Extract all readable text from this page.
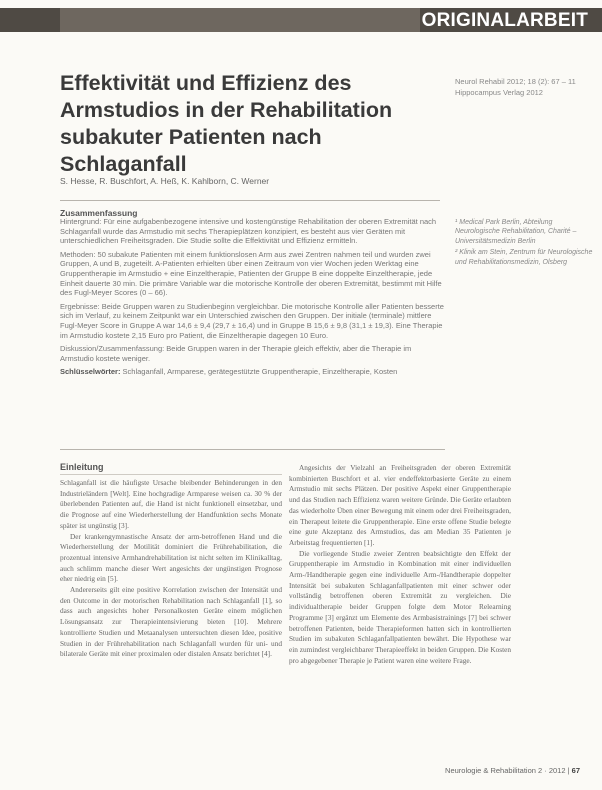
ORIGINALARBEIT
Effektivität und Effizienz des Armstudios in der Rehabilitation subakuter Patienten nach Schlaganfall
Neurol Rehabil 2012; 18 (2): 67 – 11 Hippocampus Verlag 2012
S. Hesse, R. Buschfort, A. Heß, K. Kahlborn, C. Werner
Zusammenfassung

Hintergrund: Für eine aufgabenbezogene intensive und kostengünstige Rehabilitation der oberen Extremität nach Schlaganfall wurde das Armstudio mit sechs Therapieplätzen konzipiert, es besteht aus vier Geräten mit unterschiedlichen Freiheitsgraden. Die Studie sollte die Effektivität und Effizienz ermitteln.

Methoden: 50 subakute Patienten mit einem funktionslosen Arm aus zwei Zentren nahmen teil und wurden zwei Gruppen, A und B, zugeteilt. A-Patienten erhielten über einen Zeitraum von vier Wochen jeden Werktag eine Gruppentherapie im Armstudio + eine Einzeltherapie, Patienten der Gruppe B eine doppelte Einzeltherapie, jede Einheit dauerte 30 min. Die primäre Variable war die motorische Kontrolle der oberen Extremität, bestimmt mit Hilfe des Fugl-Meyer Scores (0 – 66).

Ergebnisse: Beide Gruppen waren zu Studienbeginn vergleichbar. Die motorische Kontrolle aller Patienten besserte sich im Verlauf, zu keinem Zeitpunkt war ein Unterschied zwischen den Gruppen. Der initiale (terminale) mittlere Fugl-Meyer Score in Gruppe A war 14,6 ± 9,4 (29,7 ± 16,4) und in Gruppe B 15,6 ± 9,8 (31,1 ± 19,3). Eine Therapie im Armstudio kostete 2,15 Euro pro Patient, die Einzeltherapie dagegen 10 Euro.

Diskussion/Zusammenfassung: Beide Gruppen waren in der Therapie gleich effektiv, aber die Therapie im Armstudio kostete weniger.

Schlüsselwörter: Schlaganfall, Armparese, gerätegestützte Gruppentherapie, Einzeltherapie, Kosten

¹ Medical Park Berlin, Abteilung Neurologische Rehabilitation, Charité – Universitätsmedizin Berlin

² Klinik am Stein, Zentrum für Neurologische und Rehabilitationsmedizin, Olsberg

Einleitung

Schlaganfall ist die häufigste Ursache bleibender Behinderungen in den Industrieländern [Welt]. Eine hochgradige Armparese weisen ca. 30 % der überlebenden Patienten auf, die Hand ist nicht funktionell einsetzbar, und die Prognose auf eine Wiederherstellung der Handfunktion sechs Monate später ist ungünstig [3].

Der krankengymnastische Ansatz der arm-betroffenen Hand und die Wiederherstellung der Motilität dominiert die Frührehabilitation, die prozentual intensive Armhandrehabilitation ist nicht selten im Klinikalltag, auch schlimm manche dieser Wert angesichts der ungünstigen Prognose eher niedrig ein [5].

Andererseits gilt eine positive Korrelation zwischen der Intensität und den Outcome in der motorischen Rehabilitation nach Schlaganfall [1], so dass auch angesichts hoher Personalkosten Geräte einem möglichen Lösungsansatz zur Therapieintensivierung bieten [10]. Mehrere kontrollierte Studien und Metaanalysen untersuchten diesen Idee, positive Studien in der Frührehabilitation nach Schlaganfall wurden für uni- und bilaterale Geräte mit einer proximalen oder distalen Ansatz berichtet [4].

Angesichts der Vielzahl an Freiheitsgraden der oberen Extremität kombinierten Buschfort et al. vier endeffektorbasierte Geräte zu einem Armstudio mit sechs Plätzen. Der positive Aspekt einer Gruppentherapie und das Studien nach Effizienz waren weitere Gründe. Die Geräte erlaubten das wiederholte Üben einer Bewegung mit einem oder drei Freiheitsgraden, ein Therapeut leitete die Gruppentherapie. Eine erste offene Studie belegte eine gute Akzeptanz des Armstudios, das am Median 35 Patienten je Arbeitstag frequentierten [1].

Die vorliegende Studie zweier Zentren beabsichtigte den Effekt der Gruppentherapie im Armstudio in Kombination mit einer individuellen Arm-/Handtherapie gegen eine individuelle Arm-/Handtherapie doppelter Intensität bei subakuten Schlaganfallpatienten mit einer schwer oder vollständig betroffenen oberen Extremität zu vergleichen. Die individualtherapie beider Gruppen folgte dem Motor Relearning Programme [3] ergänzt um Elemente des Armbasistrainings [7] bei schwer betroffenen Patienten, beide Therapieformen hatten sich in kontrollierten Studien im subakuten Schlaganfallpatienten bewährt. Die Hypothese war ein zumindest vergleichbarer Therapieeffekt in beiden Gruppen. Die Kosten pro abgegebener Therapie je Patient waren eine weitere Frage.

Neurologie & Rehabilitation 2 · 2012 | 67
